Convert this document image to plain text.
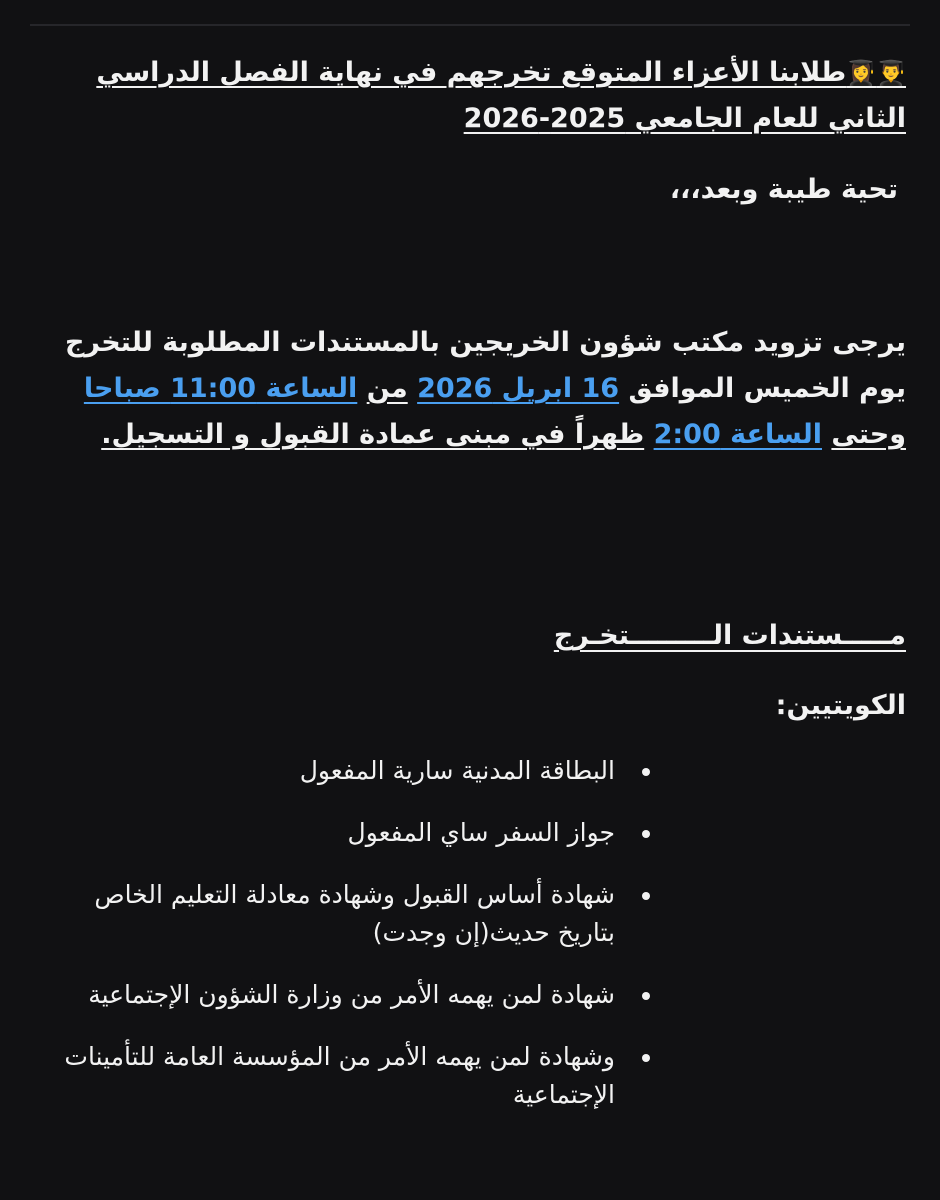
👨‍🎓👩‍🎓طلابنا الأعزاء المتوقع تخرجهم في نهاية الفصل الدراسي الثاني للعام الجامعي 2025-2026

تحية طيبة وبعد،،،

يرجى تزويد مكتب شؤون الخريجين بالمستندات المطلوبة للتخرج يوم الخميس الموافق 16 ابريل 2026 من الساعة 11:00 صباحا وحتى الساعة 2:00 ظهراً في مبنى عمادة القبول و التسجيل.

مـــــستندات الـــــــــتخـرج

الكويتيين:

البطاقة المدنية سارية المفعول
جواز السفر ساي المفعول
شهادة أساس القبول وشهادة معادلة التعليم الخاص بتاريخ حديث(إن وجدت)
شهادة لمن يهمه الأمر من وزارة الشؤون الإجتماعية
وشهادة لمن يهمه الأمر من المؤسسة العامة للتأمينات الإجتماعية
